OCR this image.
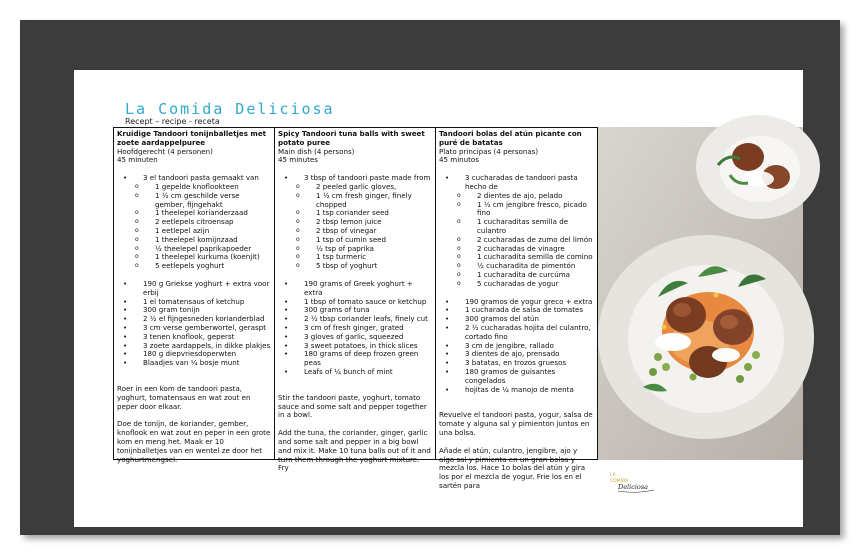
La Comida Deliciosa
Recept – recipe - receta
Kruidige Tandoori tonijnballetjes met zoete aardappelpuree
Hoofdgerecht (4 personen)
45 minuten
• 3 el tandoori pasta gemaakt van
o 1 gepelde knoflookteen
o 1 ½ cm geschilde verse gember, fijngehakt
o 1 theelepel korianderzaad
o 2 eetlepels citroensap
o 1 eetlepel azijn
o 1 theelepel komijnzaad
o ½ theelepel paprikapoeder
o 1 theelepel kurkuma (koenjit)
o 5 eetlepels yoghurt
• 190 g Griekse yoghurt + extra voor erbij
• 1 el tomatensaus of ketchup
• 300 gram tonijn
• 2 ½ el fijngesneden korianderblad
• 3 cm verse gemberwortel, geraspt
• 3 tenen knoflook, geperst
• 3 zoete aardappels, in dikke plakjes
• 180 g diepvriesdoperwten
• Blaadjes van ¼ bosje munt
Roer in een kom de tandoori pasta, yoghurt, tomatensaus en wat zout en peper door elkaar.
Doe de tonijn, de koriander, gember, knoflook en wat zout en peper in een grote kom en meng het. Maak er 10 tonijnballetjes van en wentel ze door het yoghurtmengsel.
Spicy Tandoori tuna balls with sweet potato puree
Main dish (4 persons)
45 minutes
• 3 tbsp of tandoori paste made from
o 2 peeled garlic gloves,
o 1 ½ cm fresh ginger, finely chopped
o 1 tsp coriander seed
o 2 tbsp lemon juice
o 2 tbsp of vinegar
o 1 tsp of cumin seed
o ½ tsp of paprika
o 1 tsp turmeric
o 5 tbsp of yoghurt
• 190 grams of Greek yoghurt + extra
• 1 tbsp of tomato sauce or ketchup
• 300 grams of tuna
• 2 ½ tbsp coriander leafs, finely cut
• 3 cm of fresh ginger, grated
• 3 gloves of garlic, squeezed
• 3 sweet potatoes, in thick slices
• 180 grams of deep frozen green peas
• Leafs of ¼ bunch of mint
Stir the tandoori paste, yoghurt, tomato sauce and some salt and pepper together in a bowl.
Add the tuna, the coriander, ginger, garlic and some salt and pepper in a big bowl and mix it. Make 10 tuna balls out of it and turn them through the yoghurt mixture. Fry
Tandoori bolas del atún picante con puré de batatas
Plato principas (4 personas)
45 minutos
• 3 cucharadas de tandoori pasta hecho de
o 2 dientes de ajo, pelado
o 1 ½ cm jengibre fresco, picado fino
o 1 cucharaditas semilla de culantro
o 2 cucharadas de zumo del limón
o 2 cucharadas de vinagre
o 1 cucharadita semilla de comino
o ½ cucharadita de pimentón
o 1 cucharadita de curcúma
o 5 cucharadas de yogur
• 190 gramos de yogur greco + extra
• 1 cucharada de salsa de tomates
• 300 gramos del atún
• 2 ½ cucharadas hojita del culantro, cortado fino
• 3 cm de jengibre, rallado
• 3 dientes de ajo, prensado
• 3 batatas, en trozos gruesos
• 180 gramos de guisantes congelados
• hojitas de ¼ manojo de menta
Revuelve el tandoori pasta, yogur, salsa de tomate y alguna sal y pimienton juntos en una bolsa.
Añade el atún, culantro, jengibre, ajo y algo sal y pimienta en un gran bolsa y mezcla los. Hace 1o bolas del atún y gira los por el mezcla de yogur. Frie los en el sartén para
LA
COMIDA
Deliciosa
